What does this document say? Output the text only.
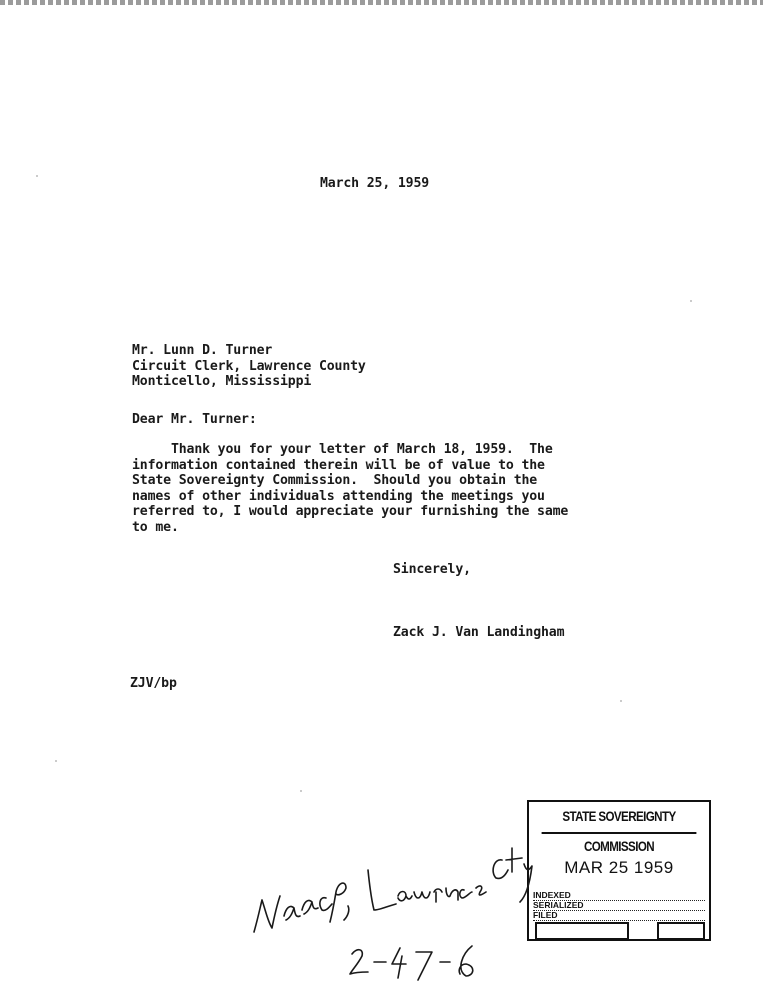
March 25, 1959
Mr. Lunn D. Turner
Circuit Clerk, Lawrence County
Monticello, Mississippi
Dear Mr. Turner:
Thank you for your letter of March 18, 1959.  The
information contained therein will be of value to the
State Sovereignty Commission.  Should you obtain the
names of other individuals attending the meetings you
referred to, I would appreciate your furnishing the same
to me.
Sincerely,
Zack J. Van Landingham
ZJV/bp
STATE SOVEREIGNTY COMMISSION
MAR 25 1959
INDEXED
SERIALIZED
FILED
